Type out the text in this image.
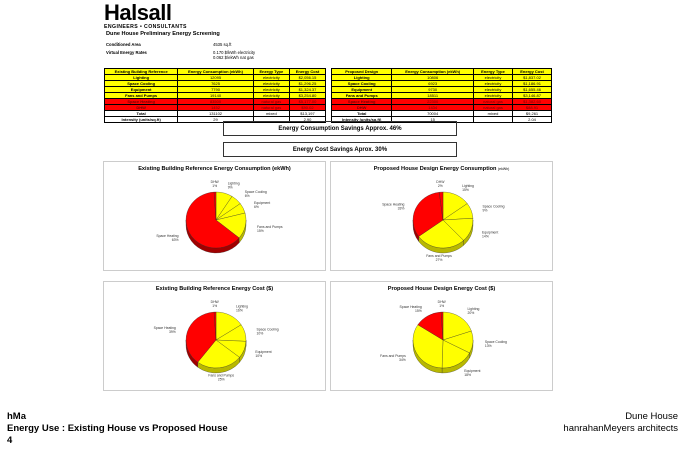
Halsall
ENGINEERS • CONSULTANTS
Dune House Preliminary Energy Screening
Conditioned Area	4535 sq.ft
Virtual Energy Rates	0.170 $/kWh electricity
0.062 $/ekWh nat gas
Existing Building Reference	Energy Consumption (ekWh)	Energy Type	Energy Cost
Lighting	12095	electricity	$2,056.15
Space Cooling	7625	electricity	$1,296.25
Equipment	7790	electricity	$1,324.37
Fans and Pumps	19140	electricity	$3,254.80
Space Heating	83500	natural gas	$5,177.00
DHW	1452	natural gas	$90.02
Total	131102	mixed	$13,197
Intensity (units/sq.ft)	29		2.90
Proposed Design	Energy Consumption (ekWh)	Energy Type	Energy Cost
Lighting	10806	electricity	$1,837.02
Space Cooling	6923	electricity	$1,186.91
Equipment	9730	electricity	$1,655.46
Fans and Pumps	18511	electricity	$3,146.87
Space Heating	22300	natural gas	$1,382.60
DHW	1434	natural gas	$88.91
Total	70004	mixed	$9,261
Intensity (units/sq.ft)	15		2.04
Energy Consumption Savings Approx. 46%
Energy Cost Savings Aprox. 30%
Existing Building Reference Energy Consumption (ekWh)
Lighting 9%
Space Cooling 6%
Equipment 6%
Fans and Pumps 15%
Space Heating 63%
DHW 1%
Proposed House Design Energy Consumption (ekWh)
Lighting 15%
Space Cooling 9%
Equipment 14%
Fans and Pumps 27%
Space Heating 33%
DHW 2%
Existing Building Reference Energy Cost ($)
Lighting 16%
Space Cooling 10%
Equipment 10%
Fans and Pumps 25%
Space Heating 39%
DHW 1%
Proposed House Design Energy Cost ($)
Lighting 20%
Space Cooling 13%
Equipment 18%
Fans and Pumps 34%
Space Heating 15%
DHW 1%
hMa
Energy Use : Existing House vs Proposed House
4
Dune House
hanrahanMeyers architects
